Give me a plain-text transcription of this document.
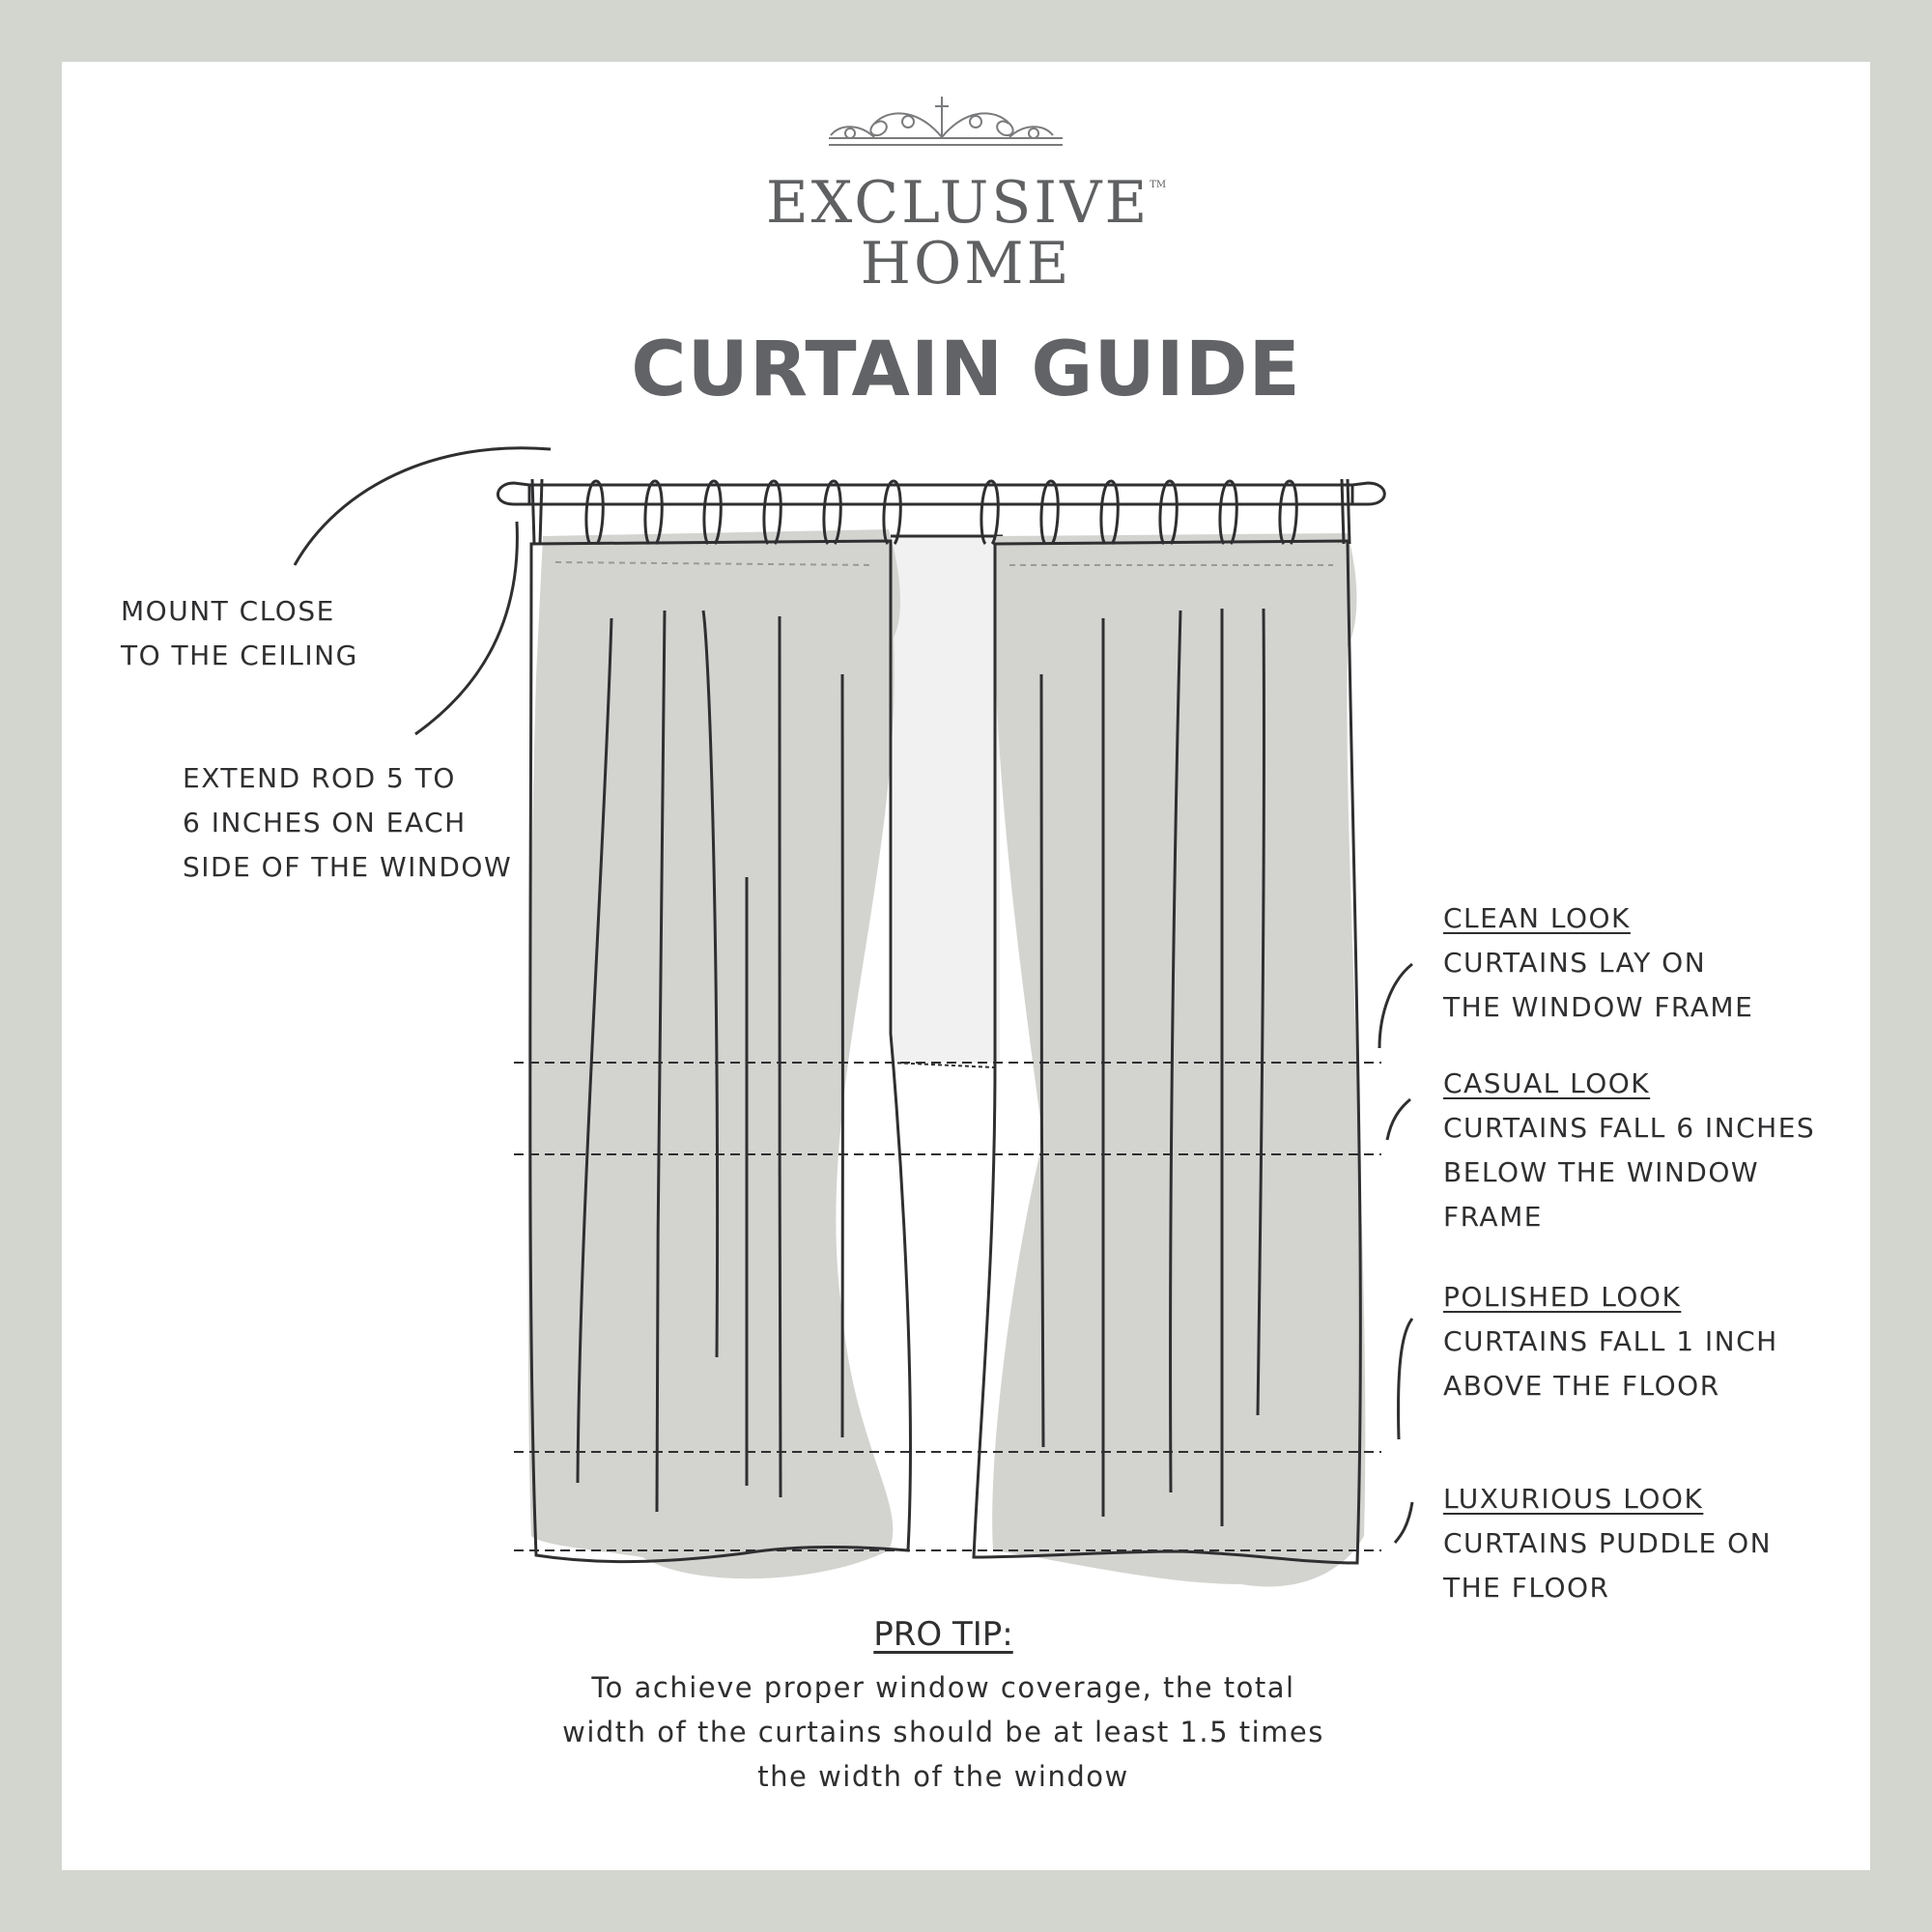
EXCLUSIVE™
HOME
CURTAIN GUIDE
MOUNT CLOSE
TO THE CEILING
EXTEND ROD 5 TO
6 INCHES ON EACH
SIDE OF THE WINDOW
CLEAN LOOK
CURTAINS LAY ON
THE WINDOW FRAME
CASUAL LOOK
CURTAINS FALL 6 INCHES
BELOW THE WINDOW
FRAME
POLISHED LOOK
CURTAINS FALL 1 INCH
ABOVE THE FLOOR
LUXURIOUS LOOK
CURTAINS PUDDLE ON
THE FLOOR
PRO TIP:
To achieve proper window coverage, the total
width of the curtains should be at least 1.5 times
the width of the window
